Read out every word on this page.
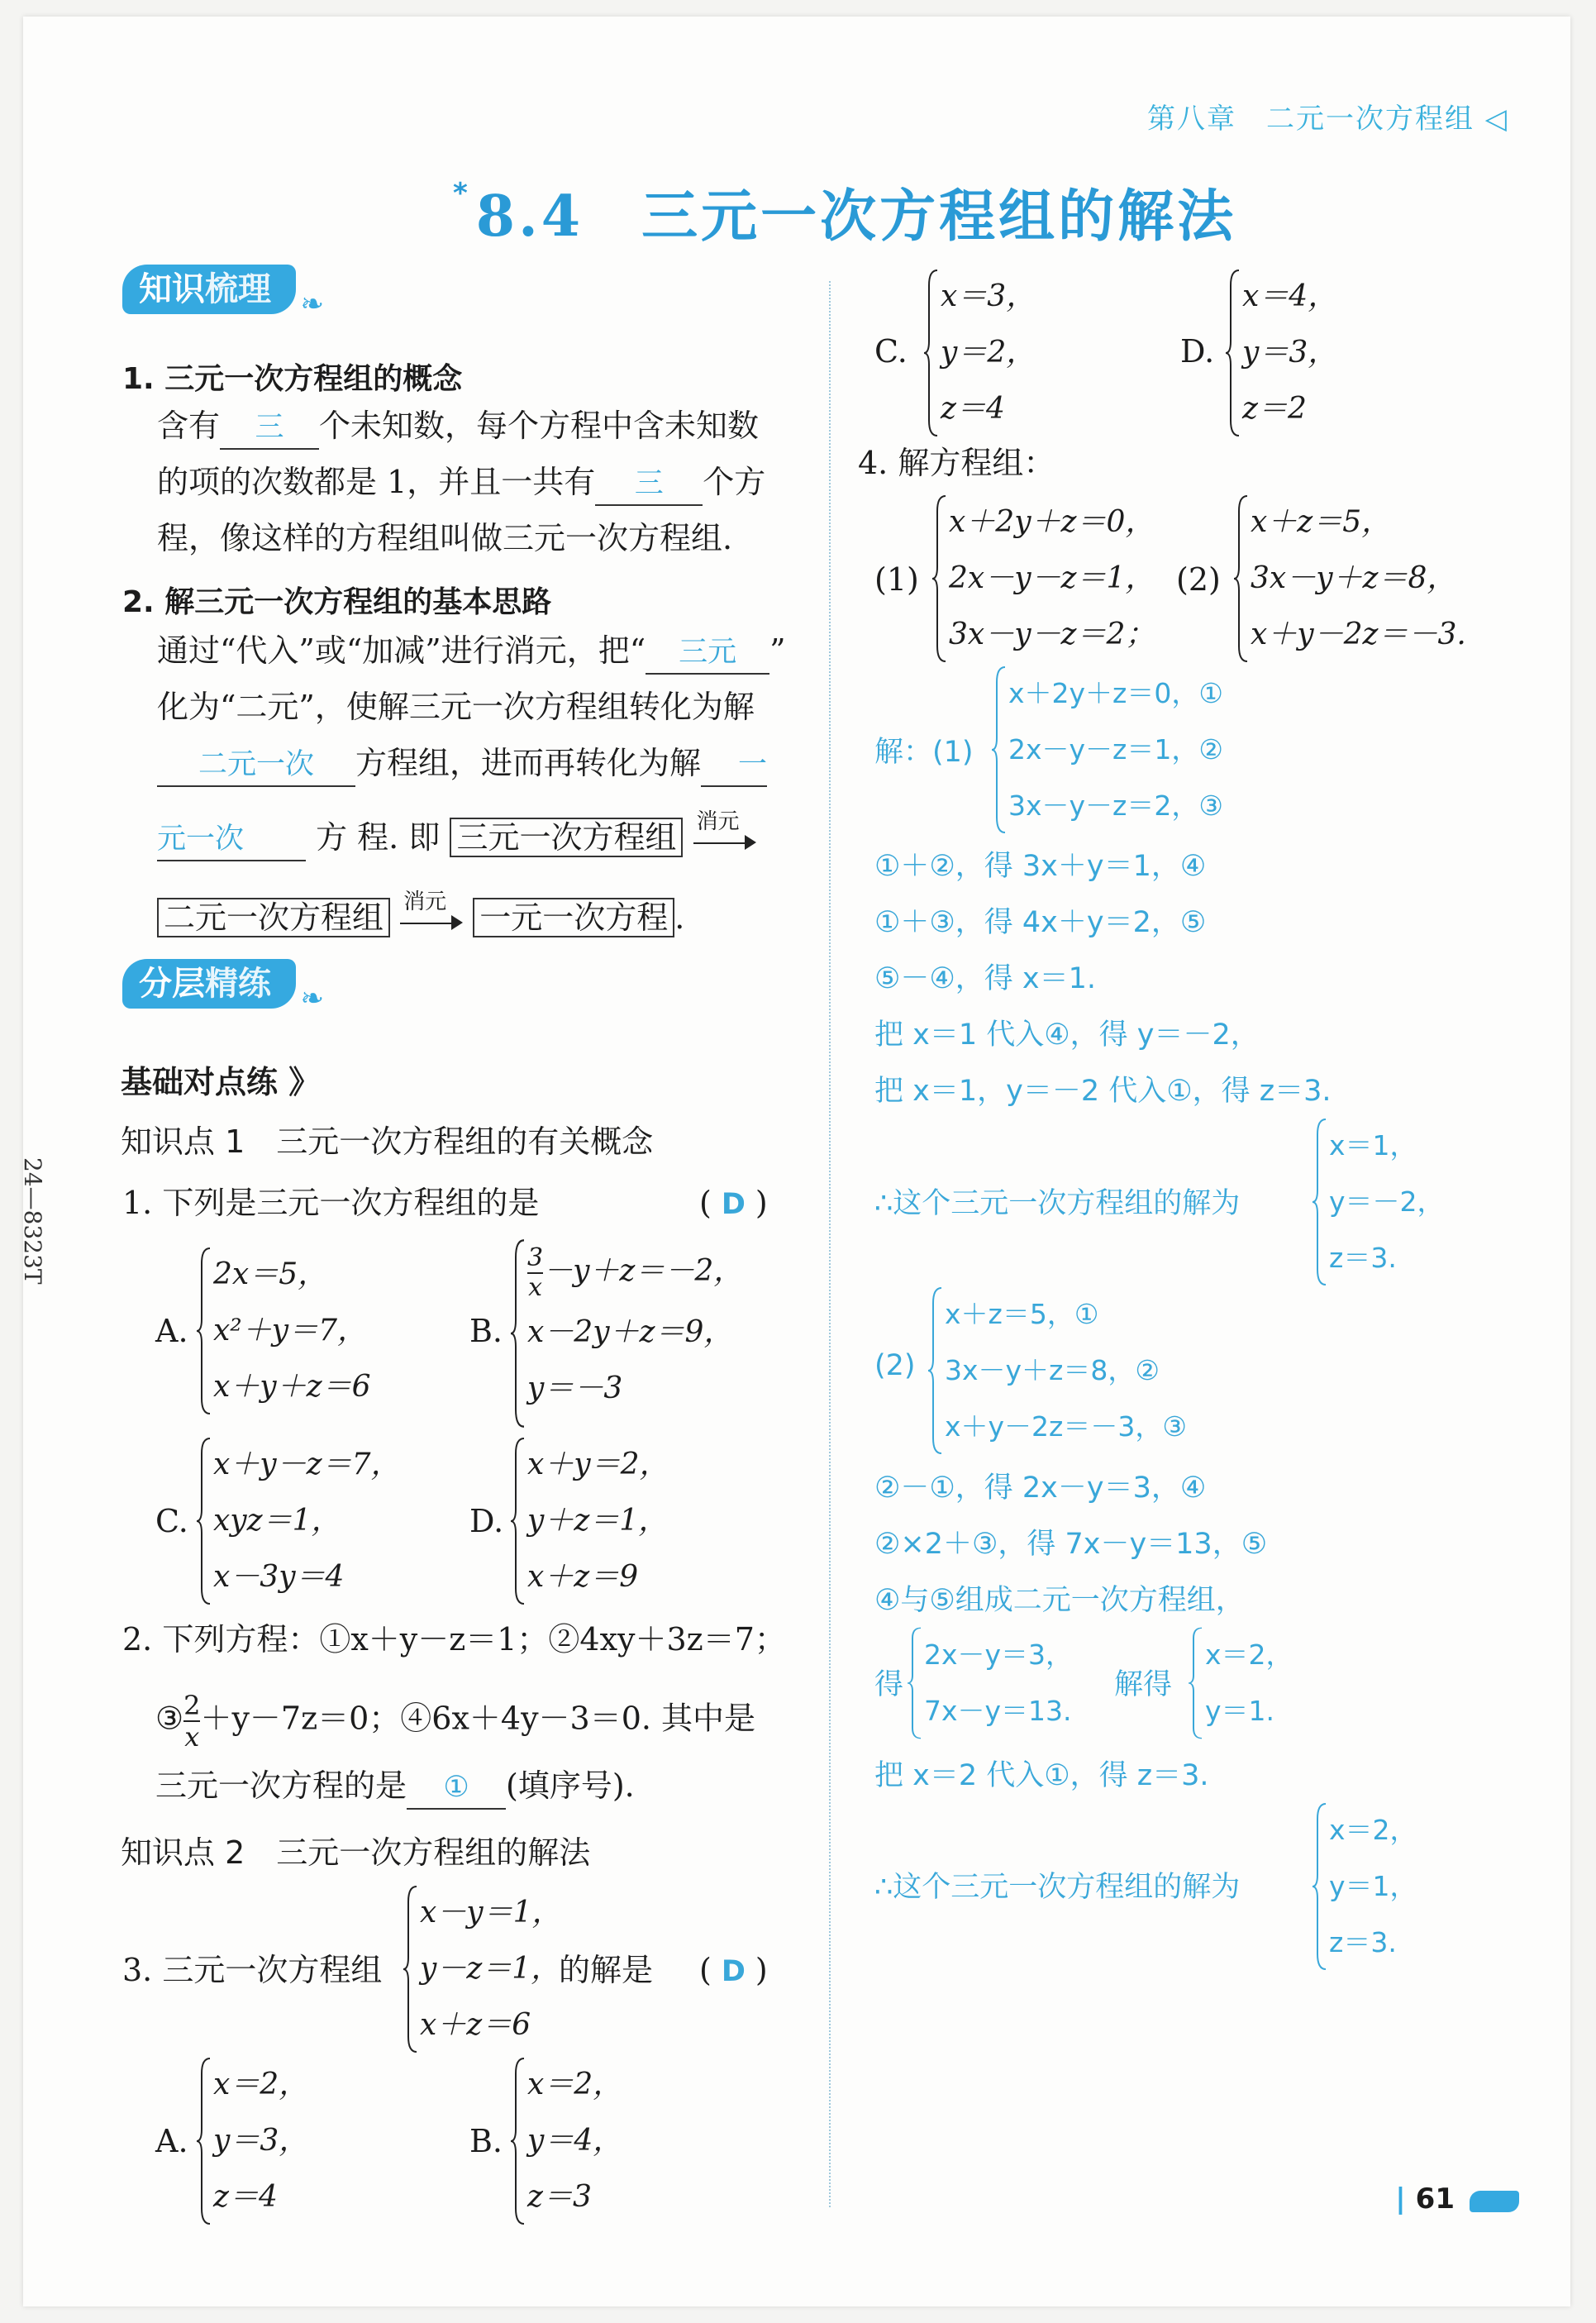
第八章　二元一次方程组 ◁
*8.4 三元一次方程组的解法
知识梳理 ❧
1. 三元一次方程组的概念
含有 三 个未知数，每个方程中含未知数
的项的次数都是 1，并且一共有 三 个方
程，像这样的方程组叫做三元一次方程组.
2. 解三元一次方程组的基本思路
通过“代入”或“加减”进行消元，把“ 三元 ”
化为“二元”，使解三元一次方程组转化为解
二元一次 方程组，进而再转化为解 一
元一次 方 程. 即 三元一次方程组 消元
二元一次方程组 消元 一元一次方程 .
分层精练 ❧
基础对点练 》
知识点 1　三元一次方程组的有关概念
1. 下列是三元一次方程组的是	( D )
A.
2x＝5，
x²＋y＝7，
x＋y＋z＝6
B.
$\frac{3}{x} -y+z=-2$，
x－2y＋z＝9，
y＝－3
C.
x＋y－z＝7，
xyz＝1，
x－3y＝4
D.
x＋y＝2，
y＋z＝1，
x＋z＝9
2. 下列方程：①x＋y－z＝1；②4xy＋3z＝7；
③ $\frac{2}{x} +y-7z=0$；④6x＋4y－3＝0. 其中是
三元一次方程的是 ① (填序号).
知识点 2　三元一次方程组的解法
3. 三元一次方程组
x－y＝1，
y－z＝1，
x＋z＝6
的解是 ( D )
A.
x＝2，
y＝3，
z＝4
B.
x＝2，
y＝4，
z＝3
C.
x＝3，
y＝2，
z＝4
D.
x＝4，
y＝3，
z＝2
4. 解方程组：
(1)
x＋2y＋z＝0，
2x－y－z＝1，
3x－y－z＝2；
(2)
x＋z＝5，
3x－y＋z＝8，
x＋y－2z＝－3.
解：(1)
x＋2y＋z＝0，①
2x－y－z＝1，②
3x－y－z＝2，③
①＋②，得 3x＋y＝1，④
①＋③，得 4x＋y＝2，⑤
⑤－④，得 x＝1.
把 x＝1 代入④，得 y＝－2，
把 x＝1，y＝－2 代入①，得 z＝3.
∴这个三元一次方程组的解为
x＝1，
y＝－2，
z＝3.
(2)
x＋z＝5，①
3x－y＋z＝8，②
x＋y－2z＝－3，③
②－①，得 2x－y＝3，④
②×2＋③，得 7x－y＝13，⑤
④与⑤组成二元一次方程组，
得
2x－y＝3，
7x－y＝13.
解得
x＝2，
y＝1.
把 x＝2 代入①，得 z＝3.
∴这个三元一次方程组的解为
x＝2，
y＝1，
z＝3.
24—8323T
| 61
